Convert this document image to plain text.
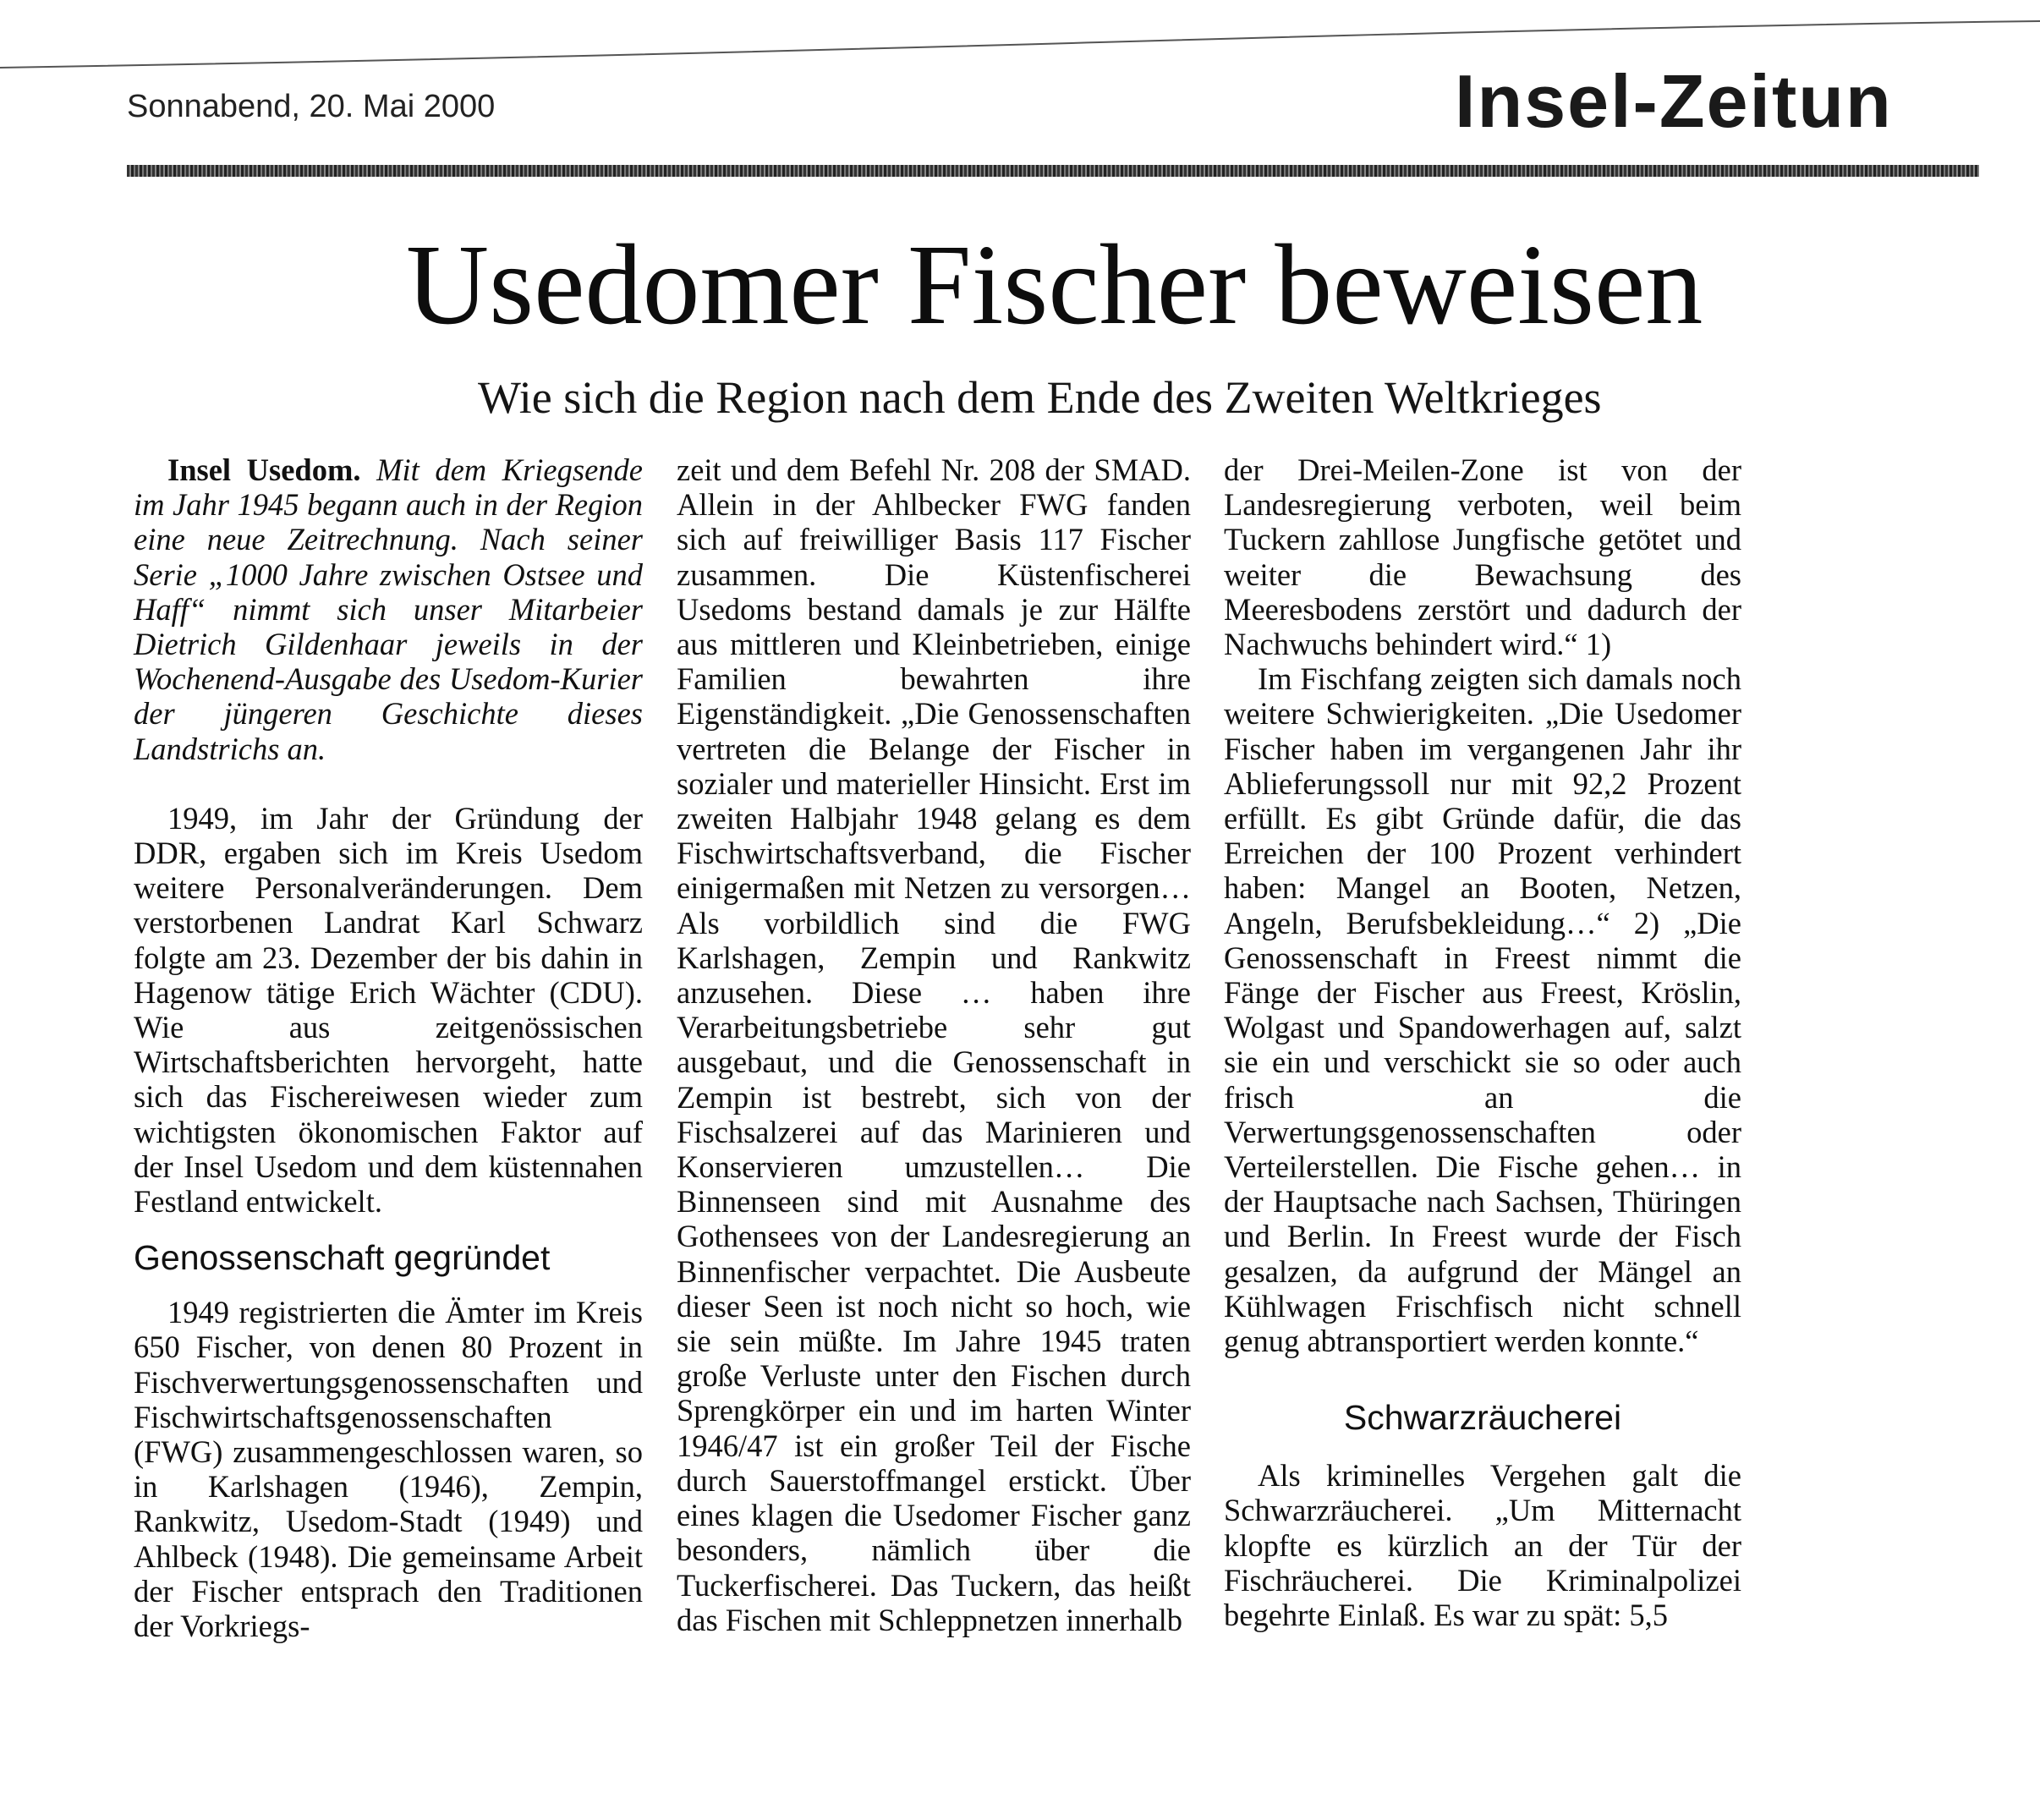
Sonnabend, 20. Mai 2000	Insel-Zeitun
Usedomer Fischer beweisen
Wie sich die Region nach dem Ende des Zweiten Weltkrieges

Insel Usedom. Mit dem Kriegsende im Jahr 1945 begann auch in der Region eine neue Zeitrechnung. Nach seiner Serie „1000 Jahre zwischen Ostsee und Haff“ nimmt sich unser Mitarbeier Dietrich Gildenhaar jeweils in der Wochenend-Ausgabe des Usedom-Kurier der jüngeren Geschichte dieses Landstrichs an.

1949, im Jahr der Gründung der DDR, ergaben sich im Kreis Usedom weitere Personalveränderungen. Dem verstorbenen Landrat Karl Schwarz folgte am 23. Dezember der bis dahin in Hagenow tätige Erich Wächter (CDU). Wie aus zeitgenössischen Wirtschaftsberichten hervorgeht, hatte sich das Fischereiwesen wieder zum wichtigsten ökonomischen Faktor auf der Insel Usedom und dem küstennahen Festland entwickelt.

Genossenschaft gegründet

1949 registrierten die Ämter im Kreis 650 Fischer, von denen 80 Prozent in Fischverwertungsgenossenschaften und Fischwirtschaftsgenossenschaften (FWG) zusammengeschlossen waren, so in Karlshagen (1946), Zempin, Rankwitz, Usedom-Stadt (1949) und Ahlbeck (1948). Die gemeinsame Arbeit der Fischer entsprach den Traditionen der Vorkriegs-

zeit und dem Befehl Nr. 208 der SMAD. Allein in der Ahlbecker FWG fanden sich auf freiwilliger Basis 117 Fischer zusammen. Die Küstenfischerei Usedoms bestand damals je zur Hälfte aus mittleren und Kleinbetrieben, einige Familien bewahrten ihre Eigenständigkeit. „Die Genossenschaften vertreten die Belange der Fischer in sozialer und materieller Hinsicht. Erst im zweiten Halbjahr 1948 gelang es dem Fischwirtschaftsverband, die Fischer einigermaßen mit Netzen zu versorgen… Als vorbildlich sind die FWG Karlshagen, Zempin und Rankwitz anzusehen. Diese … haben ihre Verarbeitungsbetriebe sehr gut ausgebaut, und die Genossenschaft in Zempin ist bestrebt, sich von der Fischsalzerei auf das Marinieren und Konservieren umzustellen… Die Binnenseen sind mit Ausnahme des Gothensees von der Landesregierung an Binnenfischer verpachtet. Die Ausbeute dieser Seen ist noch nicht so hoch, wie sie sein müßte. Im Jahre 1945 traten große Verluste unter den Fischen durch Sprengkörper ein und im harten Winter 1946/47 ist ein großer Teil der Fische durch Sauerstoffmangel erstickt. Über eines klagen die Usedomer Fischer ganz besonders, nämlich über die Tuckerfischerei. Das Tuckern, das heißt das Fischen mit Schleppnetzen innerhalb

der Drei-Meilen-Zone ist von der Landesregierung verboten, weil beim Tuckern zahllose Jungfische getötet und weiter die Bewachsung des Meeresbodens zerstört und dadurch der Nachwuchs behindert wird.“ 1)

Im Fischfang zeigten sich damals noch weitere Schwierigkeiten. „Die Usedomer Fischer haben im vergangenen Jahr ihr Ablieferungssoll nur mit 92,2 Prozent erfüllt. Es gibt Gründe dafür, die das Erreichen der 100 Prozent verhindert haben: Mangel an Booten, Netzen, Angeln, Berufsbekleidung…“ 2) „Die Genossenschaft in Freest nimmt die Fänge der Fischer aus Freest, Kröslin, Wolgast und Spandowerhagen auf, salzt sie ein und verschickt sie so oder auch frisch an die Verwertungsgenossenschaften oder Verteilerstellen. Die Fische gehen… in der Hauptsache nach Sachsen, Thüringen und Berlin. In Freest wurde der Fisch gesalzen, da aufgrund der Mängel an Kühlwagen Frischfisch nicht schnell genug abtransportiert werden konnte.“

Schwarzräucherei

Als kriminelles Vergehen galt die Schwarzräucherei. „Um Mitternacht klopfte es kürzlich an der Tür der Fischräucherei. Die Kriminalpolizei begehrte Einlaß. Es war zu spät: 5,5
